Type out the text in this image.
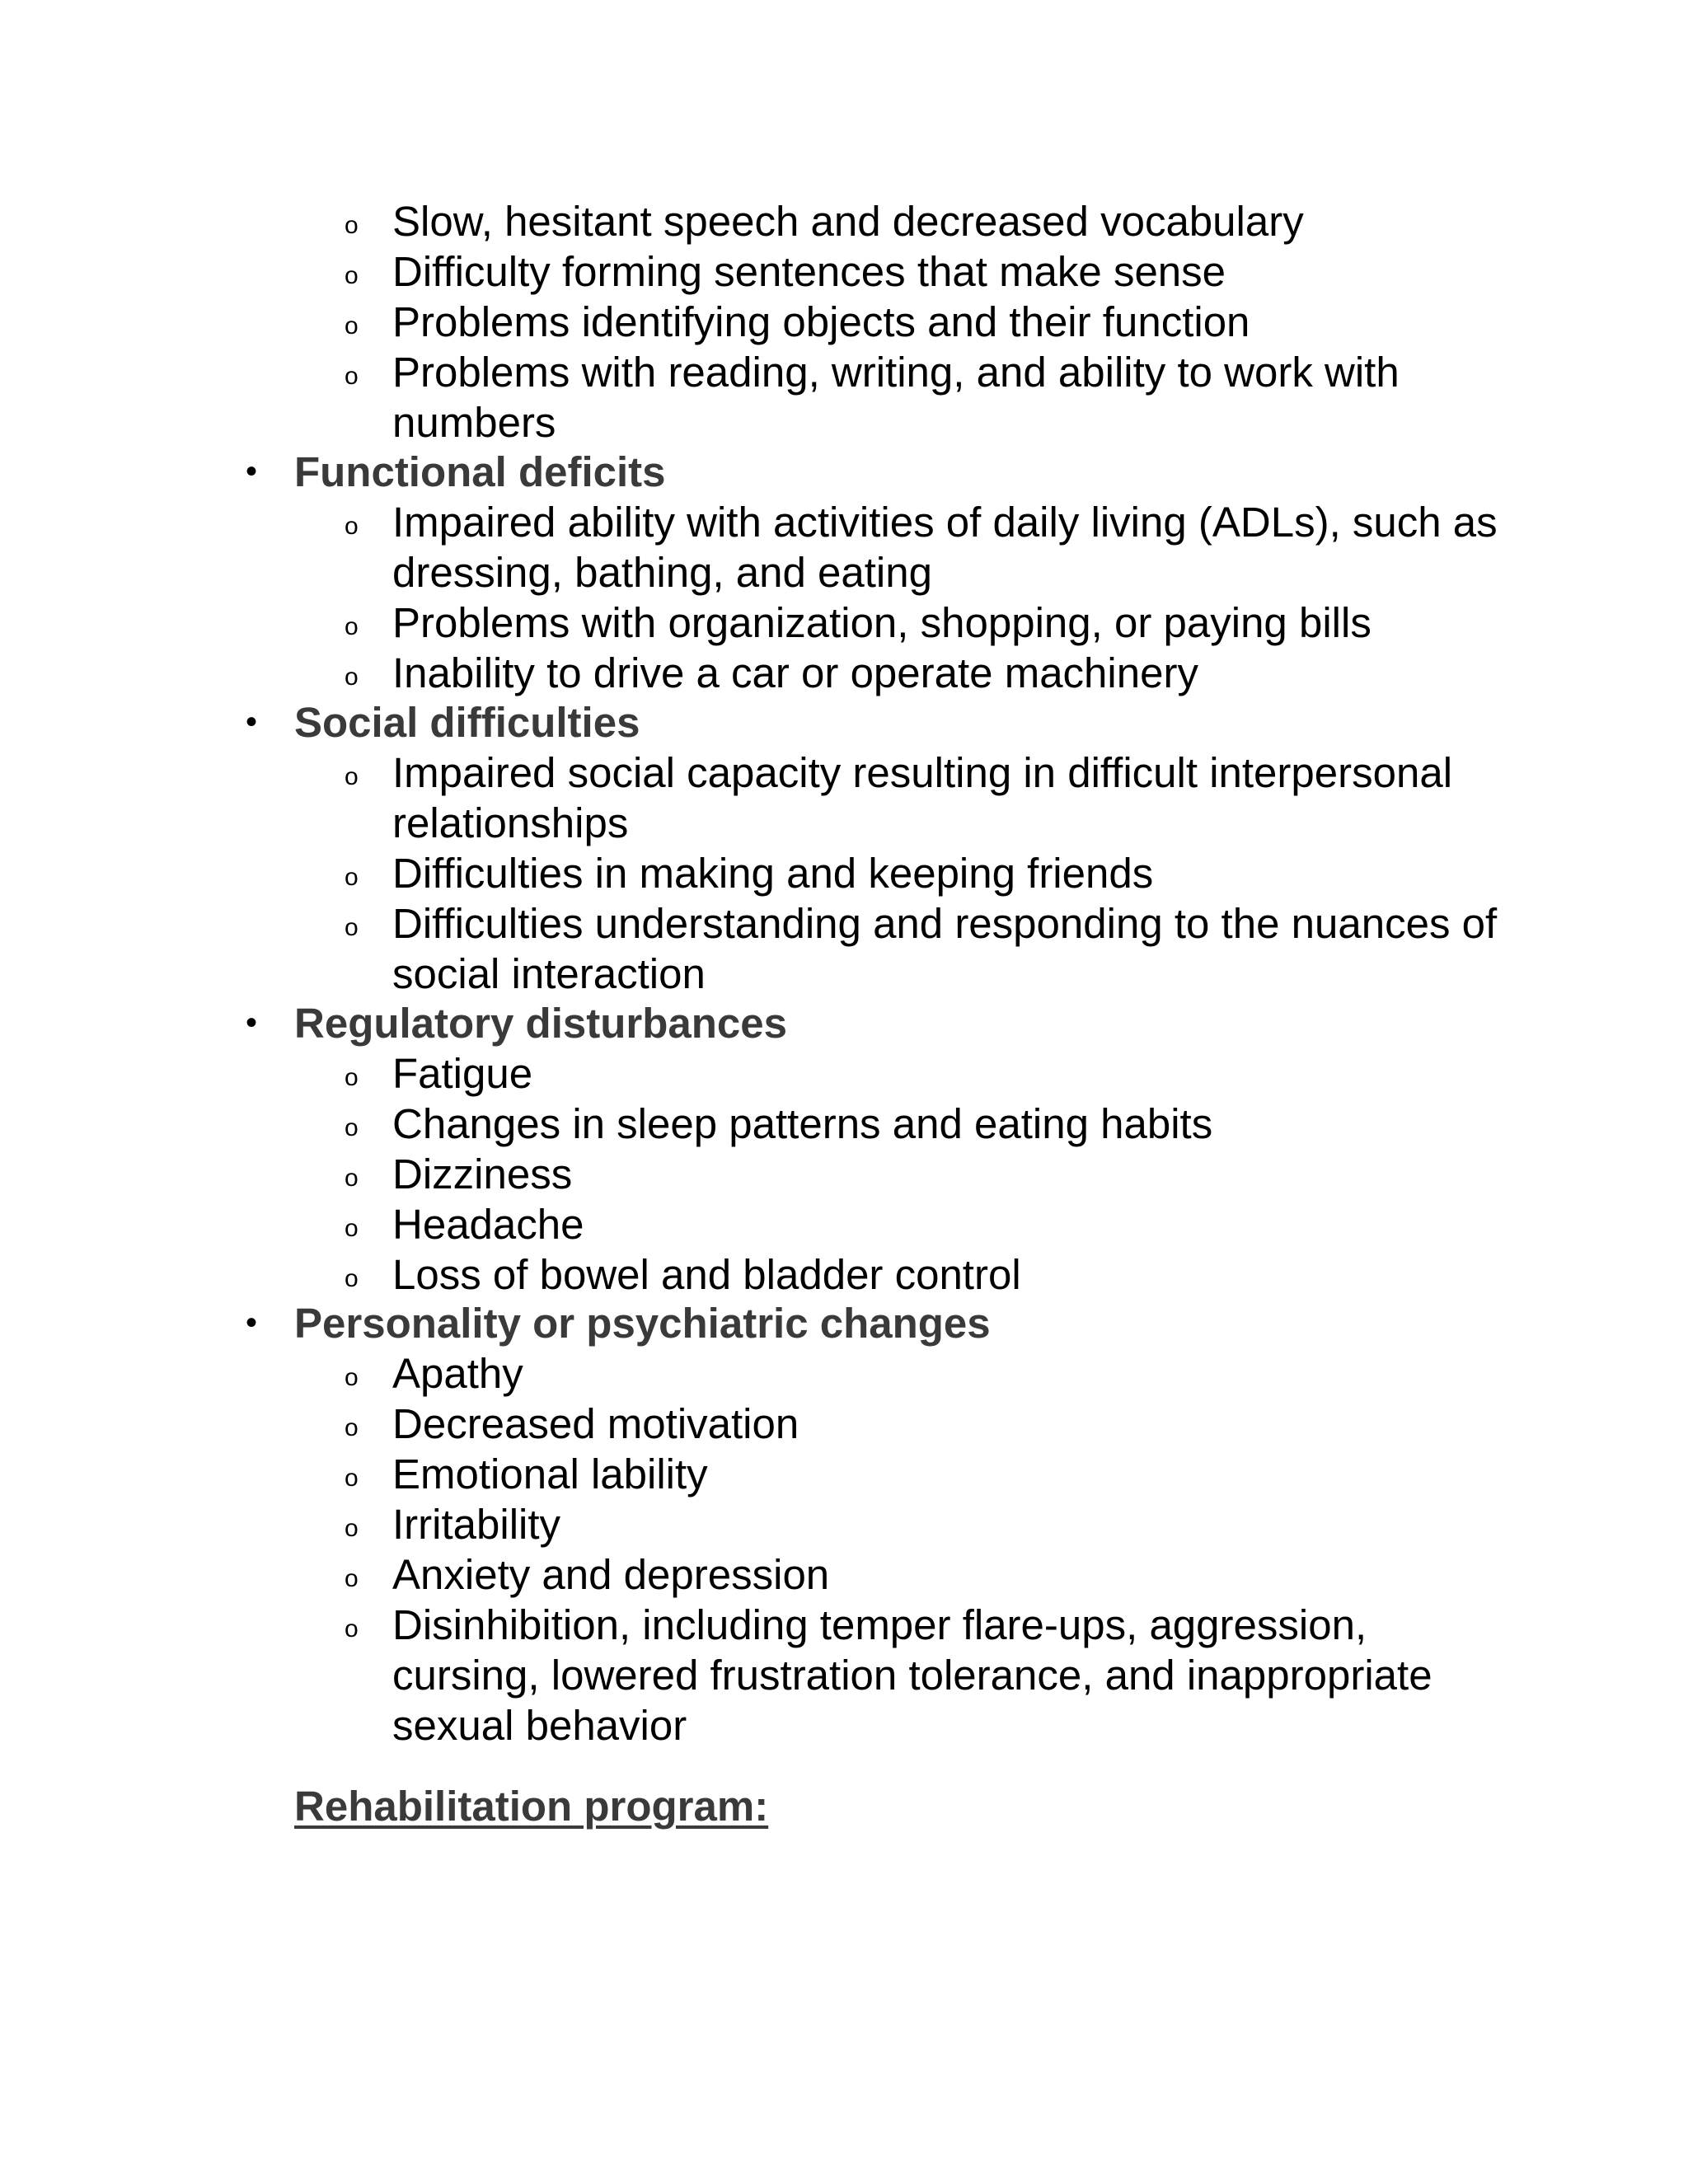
o Slow, hesitant speech and decreased vocabulary
o Difficulty forming sentences that make sense
o Problems identifying objects and their function
o Problems with reading, writing, and ability to work with numbers
• Functional deficits
o Impaired ability with activities of daily living (ADLs), such as dressing, bathing, and eating
o Problems with organization, shopping, or paying bills
o Inability to drive a car or operate machinery
• Social difficulties
o Impaired social capacity resulting in difficult interpersonal relationships
o Difficulties in making and keeping friends
o Difficulties understanding and responding to the nuances of social interaction
• Regulatory disturbances
o Fatigue
o Changes in sleep patterns and eating habits
o Dizziness
o Headache
o Loss of bowel and bladder control
• Personality or psychiatric changes
o Apathy
o Decreased motivation
o Emotional lability
o Irritability
o Anxiety and depression
o Disinhibition, including temper flare-ups, aggression, cursing, lowered frustration tolerance, and inappropriate sexual behavior
Rehabilitation program:
